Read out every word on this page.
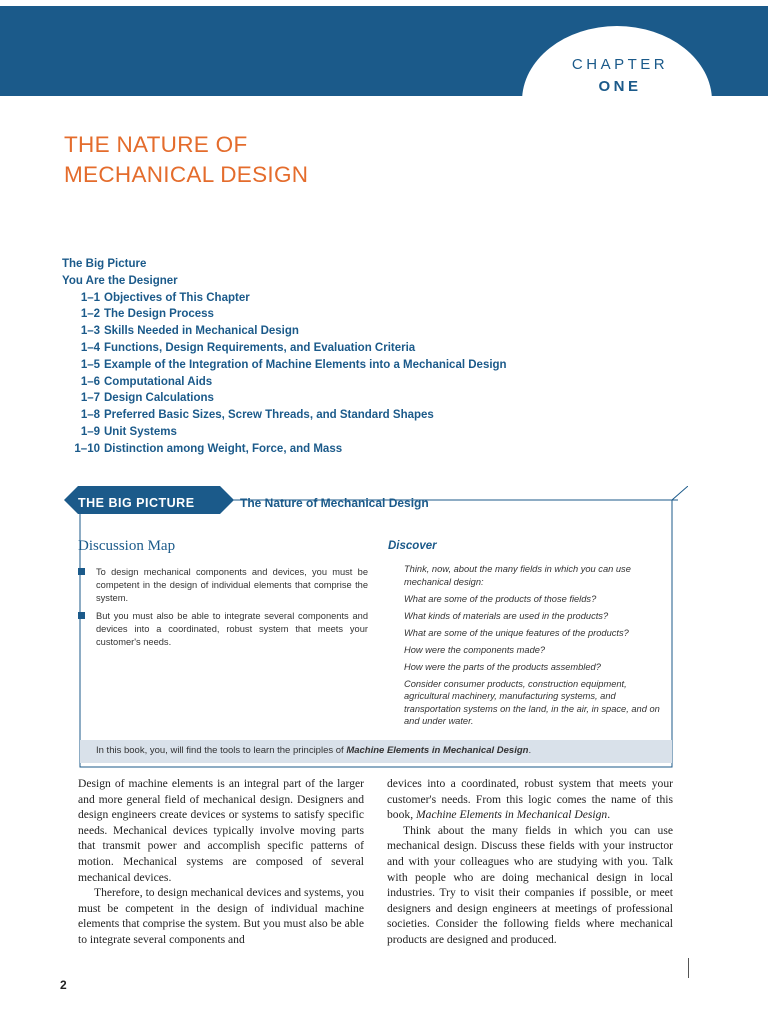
CHAPTER
ONE
THE NATURE OF
MECHANICAL DESIGN
The Big Picture
You Are the Designer
1–1 Objectives of This Chapter
1–2 The Design Process
1–3 Skills Needed in Mechanical Design
1–4 Functions, Design Requirements, and Evaluation Criteria
1–5 Example of the Integration of Machine Elements into a Mechanical Design
1–6 Computational Aids
1–7 Design Calculations
1–8 Preferred Basic Sizes, Screw Threads, and Standard Shapes
1–9 Unit Systems
1–10 Distinction among Weight, Force, and Mass
THE BIG PICTURE	The Nature of Mechanical Design
Discussion Map
To design mechanical components and devices, you must be competent in the design of individual elements that comprise the system.
But you must also be able to integrate several components and devices into a coordinated, robust system that meets your customer's needs.
Discover
Think, now, about the many fields in which you can use mechanical design:
What are some of the products of those fields?
What kinds of materials are used in the products?
What are some of the unique features of the products?
How were the components made?
How were the parts of the products assembled?
Consider consumer products, construction equipment, agricultural machinery, manufacturing systems, and transportation systems on the land, in the air, in space, and on and under water.
In this book, you, will find the tools to learn the principles of Machine Elements in Mechanical Design.

Design of machine elements is an integral part of the larger and more general field of mechanical design. Designers and design engineers create devices or systems to satisfy specific needs. Mechanical devices typically involve moving parts that transmit power and accomplish specific patterns of motion. Mechanical systems are composed of several mechanical devices.

Therefore, to design mechanical devices and systems, you must be competent in the design of individual machine elements that comprise the system. But you must also be able to integrate several components and

devices into a coordinated, robust system that meets your customer's needs. From this logic comes the name of this book, Machine Elements in Mechanical Design.

Think about the many fields in which you can use mechanical design. Discuss these fields with your instructor and with your colleagues who are studying with you. Talk with people who are doing mechanical design in local industries. Try to visit their companies if possible, or meet designers and design engineers at meetings of professional societies. Consider the following fields where mechanical products are designed and produced.

2
